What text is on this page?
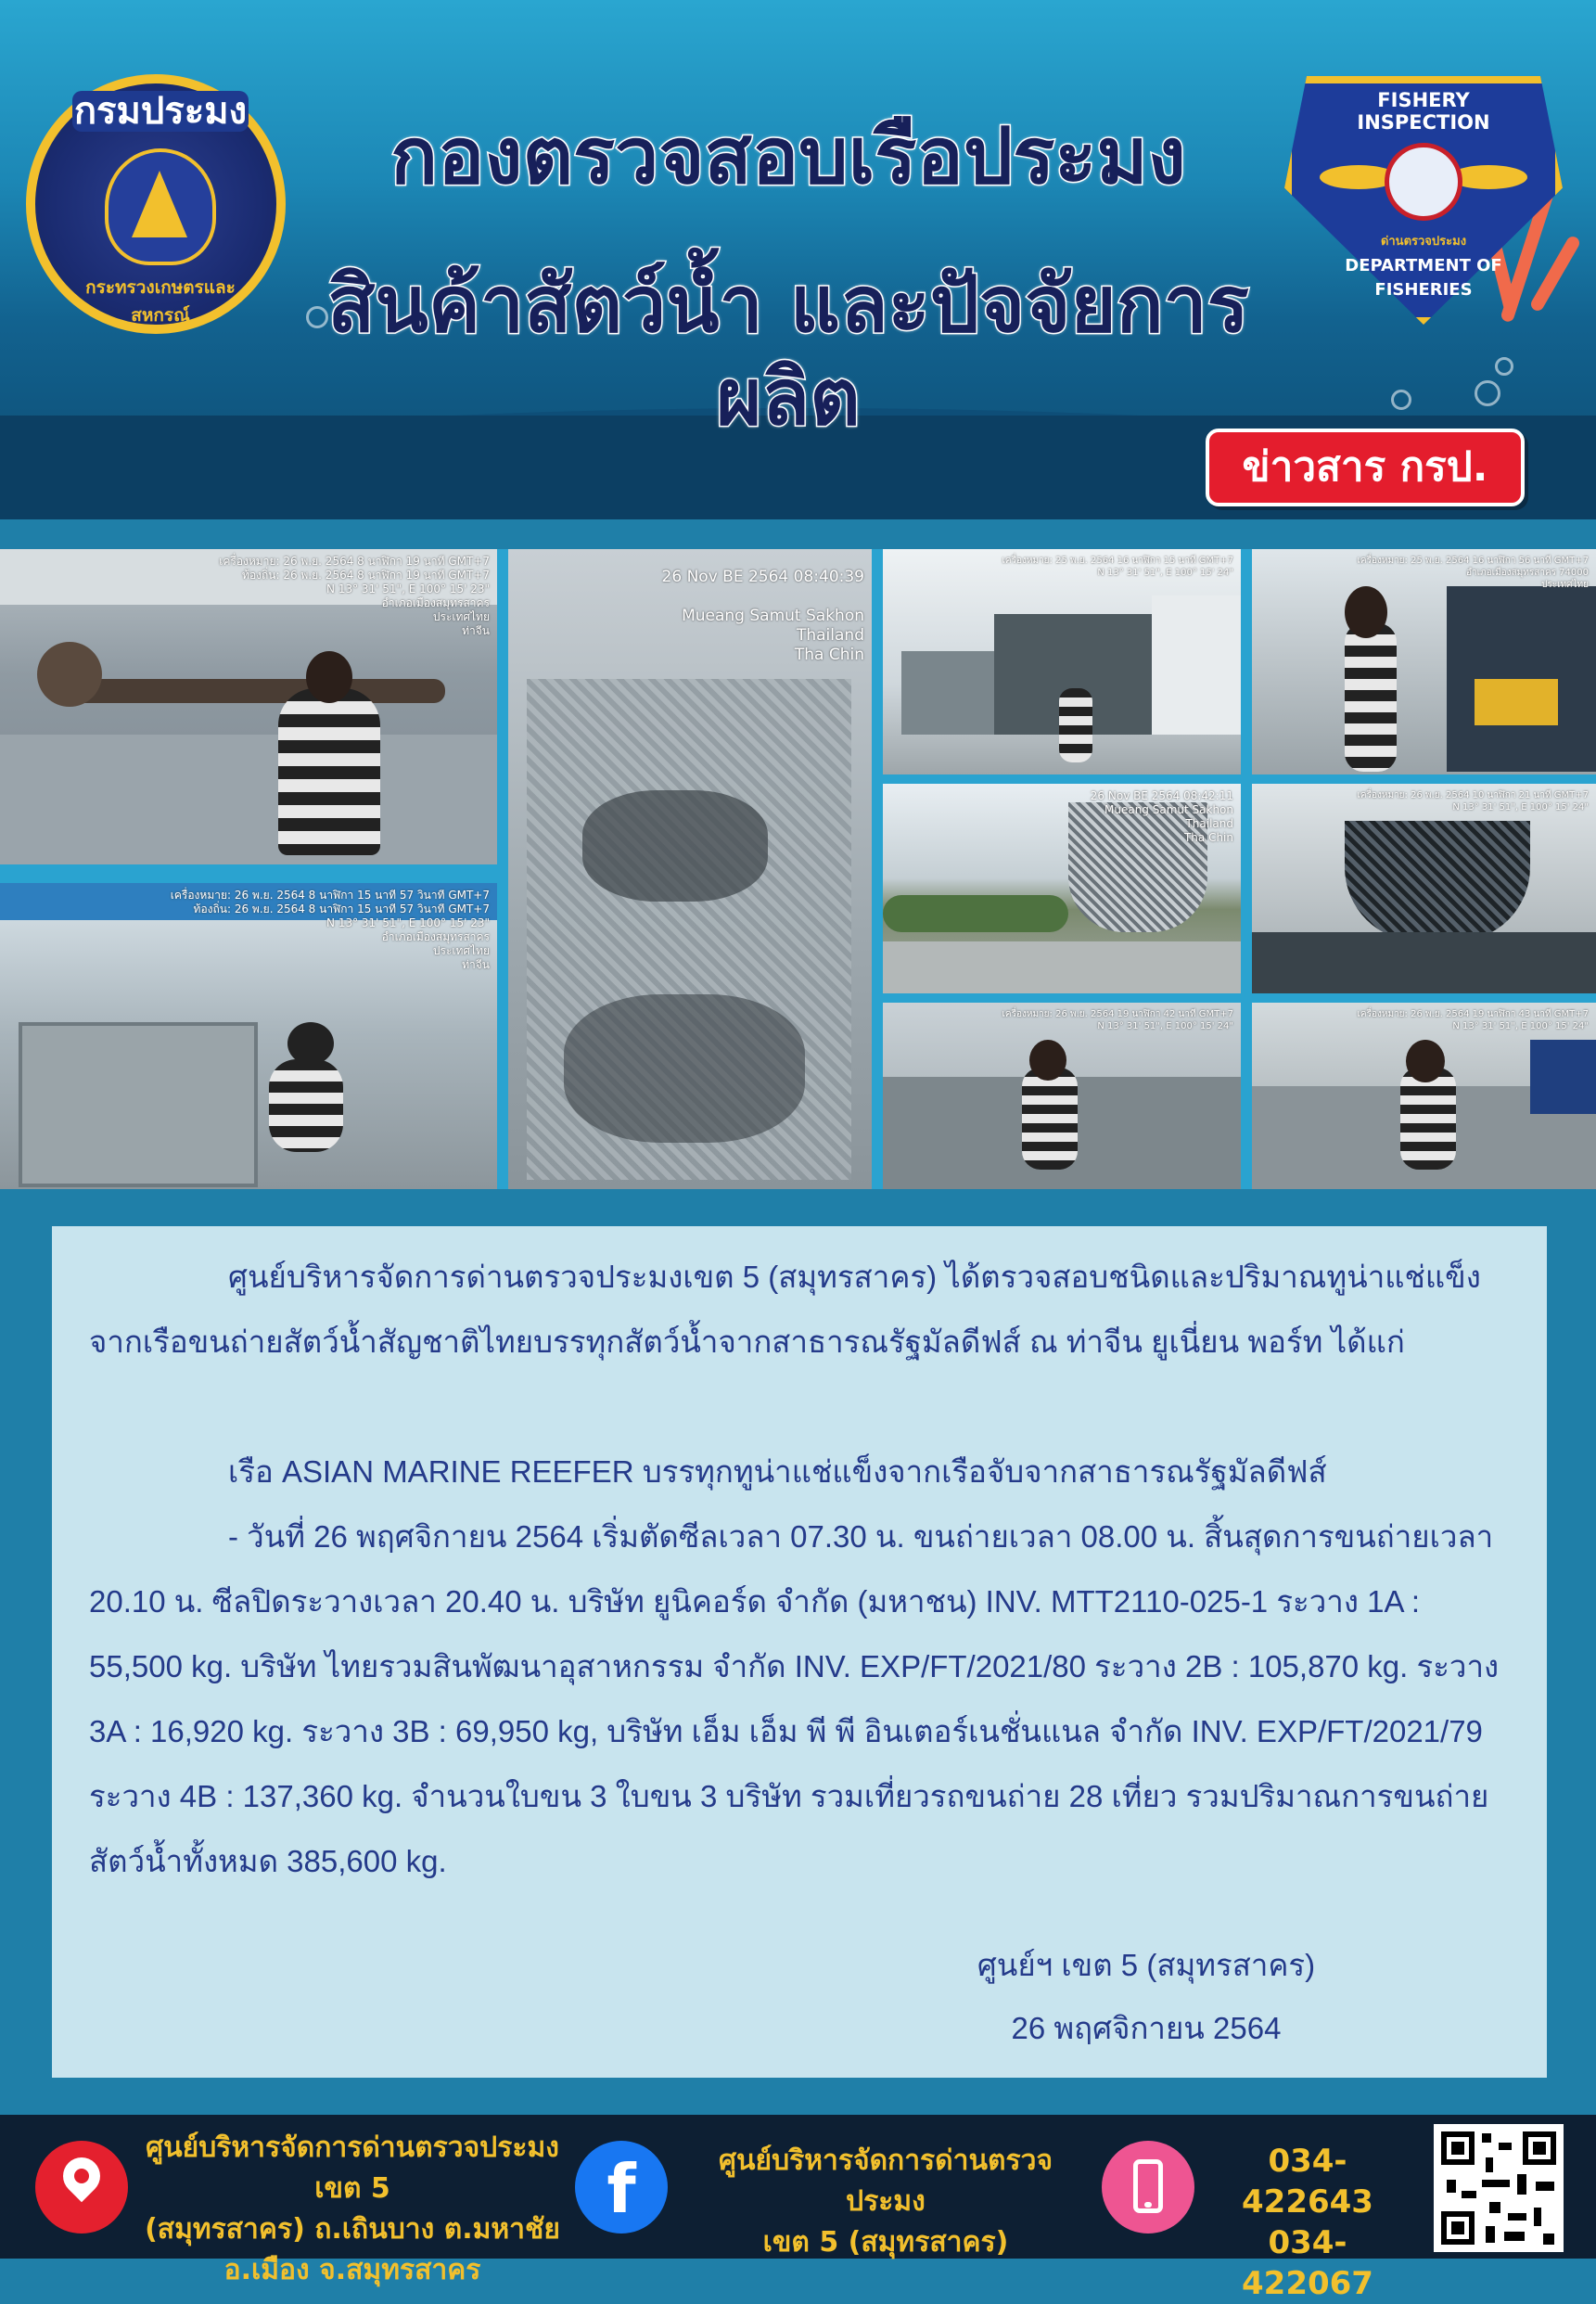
กรมประมง
กระทรวงเกษตรและสหกรณ์
กองตรวจสอบเรือประมง
สินค้าสัตว์น้ำ และปัจจัยการผลิต
FISHERY INSPECTION
ด่านตรวจประมง
DEPARTMENT OF FISHERIES
ข่าวสาร กรป.
เครื่องหมาย: 26 พ.ย. 2564 8 นาฬิกา 19 นาที GMT+7
ท้องถิ่น: 26 พ.ย. 2564 8 นาฬิกา 19 นาที GMT+7
N 13° 31' 51", E 100° 15' 23"
อำเภอเมืองสมุทรสาคร
ประเทศไทย
ท่าจีน
เครื่องหมาย: 26 พ.ย. 2564 8 นาฬิกา 15 นาที 57 วินาที GMT+7
ท้องถิ่น: 26 พ.ย. 2564 8 นาฬิกา 15 นาที 57 วินาที GMT+7
N 13° 31' 51", E 100° 15' 23"
อำเภอเมืองสมุทรสาคร
ประเทศไทย
ท่าจีน
26 Nov BE 2564 08:40:39

Mueang Samut Sakhon
Thailand
Tha Chin
เครื่องหมาย: 25 พ.ย. 2564 16 นาฬิกา 15 นาที GMT+7
N 13° 31' 51", E 100° 15' 24"
เครื่องหมาย: 25 พ.ย. 2564 16 นาฬิกา 56 นาที GMT+7
อำเภอเมืองสมุทรสาคร 74000
ประเทศไทย
26 Nov BE 2564 08:42:11
Mueang Samut Sakhon
Thailand
Tha Chin
เครื่องหมาย: 26 พ.ย. 2564 10 นาฬิกา 21 นาที GMT+7
N 13° 31' 51", E 100° 15' 24"
เครื่องหมาย: 26 พ.ย. 2564 19 นาฬิกา 42 นาที GMT+7
N 13° 31' 51", E 100° 15' 24"
เครื่องหมาย: 26 พ.ย. 2564 19 นาฬิกา 43 นาที GMT+7
N 13° 31' 51", E 100° 15' 24"

ศูนย์บริหารจัดการด่านตรวจประมงเขต 5 (สมุทรสาคร) ได้ตรวจสอบชนิดและปริมาณทูน่าแช่แข็งจากเรือขนถ่ายสัตว์น้ำสัญชาติไทยบรรทุกสัตว์น้ำจากสาธารณรัฐมัลดีฟส์ ณ ท่าจีน ยูเนี่ยน พอร์ท ได้แก่

เรือ ASIAN MARINE REEFER บรรทุกทูน่าแช่แข็งจากเรือจับจากสาธารณรัฐมัลดีฟส์

- วันที่ 26 พฤศจิกายน 2564 เริ่มตัดซีลเวลา 07.30 น. ขนถ่ายเวลา 08.00 น. สิ้นสุดการขนถ่ายเวลา 20.10 น. ซีลปิดระวางเวลา 20.40 น. บริษัท ยูนิคอร์ด จำกัด (มหาชน) INV. MTT2110-025-1 ระวาง 1A : 55,500 kg. บริษัท ไทยรวมสินพัฒนาอุสาหกรรม จำกัด INV. EXP/FT/2021/80 ระวาง 2B : 105,870 kg. ระวาง 3A : 16,920 kg. ระวาง 3B : 69,950 kg, บริษัท เอ็ม เอ็ม พี พี อินเตอร์เนชั่นแนล จำกัด INV. EXP/FT/2021/79 ระวาง 4B : 137,360 kg. จำนวนใบขน 3 ใบขน 3 บริษัท รวมเที่ยวรถขนถ่าย 28 เที่ยว รวมปริมาณการขนถ่ายสัตว์น้ำทั้งหมด 385,600 kg.

ศูนย์ฯ เขต 5 (สมุทรสาคร)

26 พฤศจิกายน 2564

ศูนย์บริหารจัดการด่านตรวจประมง เขต 5
(สมุทรสาคร) ถ.เถินบาง ต.มหาชัย
อ.เมือง จ.สมุทรสาคร
f	ศูนย์บริหารจัดการด่านตรวจประมง
เขต 5 (สมุทรสาคร)
034-422643
034-422067
